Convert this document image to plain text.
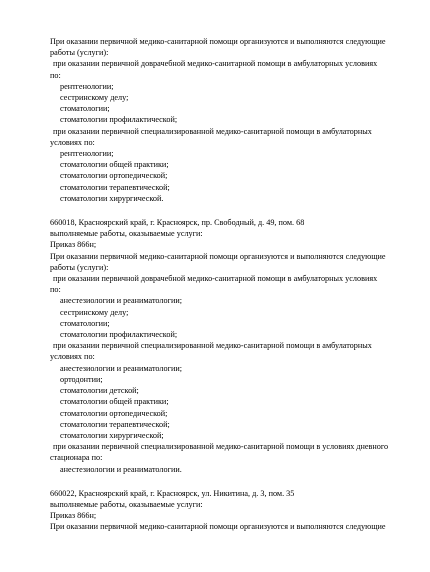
При оказании первичной медико-санитарной помощи организуются и выполняются следующие
работы (услуги):
при оказании первичной доврачебной медико-санитарной помощи в амбулаторных условиях
по:
рентгенологии;
сестринскому делу;
стоматологии;
стоматологии профилактической;
при оказании первичной специализированной медико-санитарной помощи в амбулаторных
условиях по:
рентгенологии;
стоматологии общей практики;
стоматологии ортопедической;
стоматологии терапевтической;
стоматологии хирургической.
660018, Красноярский край, г. Красноярск, пр. Свободный, д. 49, пом. 68
выполняемые работы, оказываемые услуги:
Приказ 866н;
При оказании первичной медико-санитарной помощи организуются и выполняются следующие
работы (услуги):
при оказании первичной доврачебной медико-санитарной помощи в амбулаторных условиях
по:
анестезиологии и реаниматологии;
сестринскому делу;
стоматологии;
стоматологии профилактической;
при оказании первичной специализированной медико-санитарной помощи в амбулаторных
условиях по:
анестезиологии и реаниматологии;
ортодонтии;
стоматологии детской;
стоматологии общей практики;
стоматологии ортопедической;
стоматологии терапевтической;
стоматологии хирургической;
при оказании первичной специализированной медико-санитарной помощи в условиях дневного
стационара по:
анестезиологии и реаниматологии.
660022, Красноярский край, г. Красноярск, ул. Никитина, д. 3, пом. 35
выполняемые работы, оказываемые услуги:
Приказ 866н;
При оказании первичной медико-санитарной помощи организуются и выполняются следующие
